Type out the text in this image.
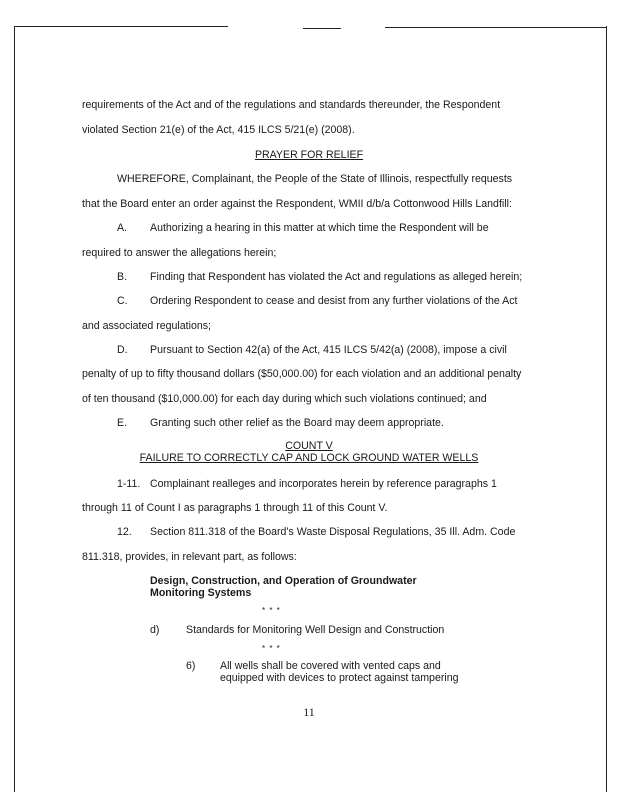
requirements of the Act and of the regulations and standards thereunder, the Respondent
violated Section 21(e) of the Act, 415 ILCS 5/21(e) (2008).
PRAYER FOR RELIEF
WHEREFORE, Complainant, the People of the State of Illinois, respectfully requests
that the Board enter an order against the Respondent, WMII d/b/a Cottonwood Hills Landfill:
A. Authorizing a hearing in this matter at which time the Respondent will be
required to answer the allegations herein;
B. Finding that Respondent has violated the Act and regulations as alleged herein;
C. Ordering Respondent to cease and desist from any further violations of the Act
and associated regulations;
D. Pursuant to Section 42(a) of the Act, 415 ILCS 5/42(a) (2008), impose a civil
penalty of up to fifty thousand dollars ($50,000.00) for each violation and an additional penalty
of ten thousand ($10,000.00) for each day during which such violations continued; and
E. Granting such other relief as the Board may deem appropriate.
COUNT V
FAILURE TO CORRECTLY CAP AND LOCK GROUND WATER WELLS
1-11. Complainant realleges and incorporates herein by reference paragraphs 1
through 11 of Count I as paragraphs 1 through 11 of this Count V.
12. Section 811.318 of the Board's Waste Disposal Regulations, 35 Ill. Adm. Code
811.318, provides, in relevant part, as follows:
Design, Construction, and Operation of Groundwater
Monitoring Systems
* * *
d)	Standards for Monitoring Well Design and Construction
* * *
6) All wells shall be covered with vented caps and
equipped with devices to protect against tampering
11
